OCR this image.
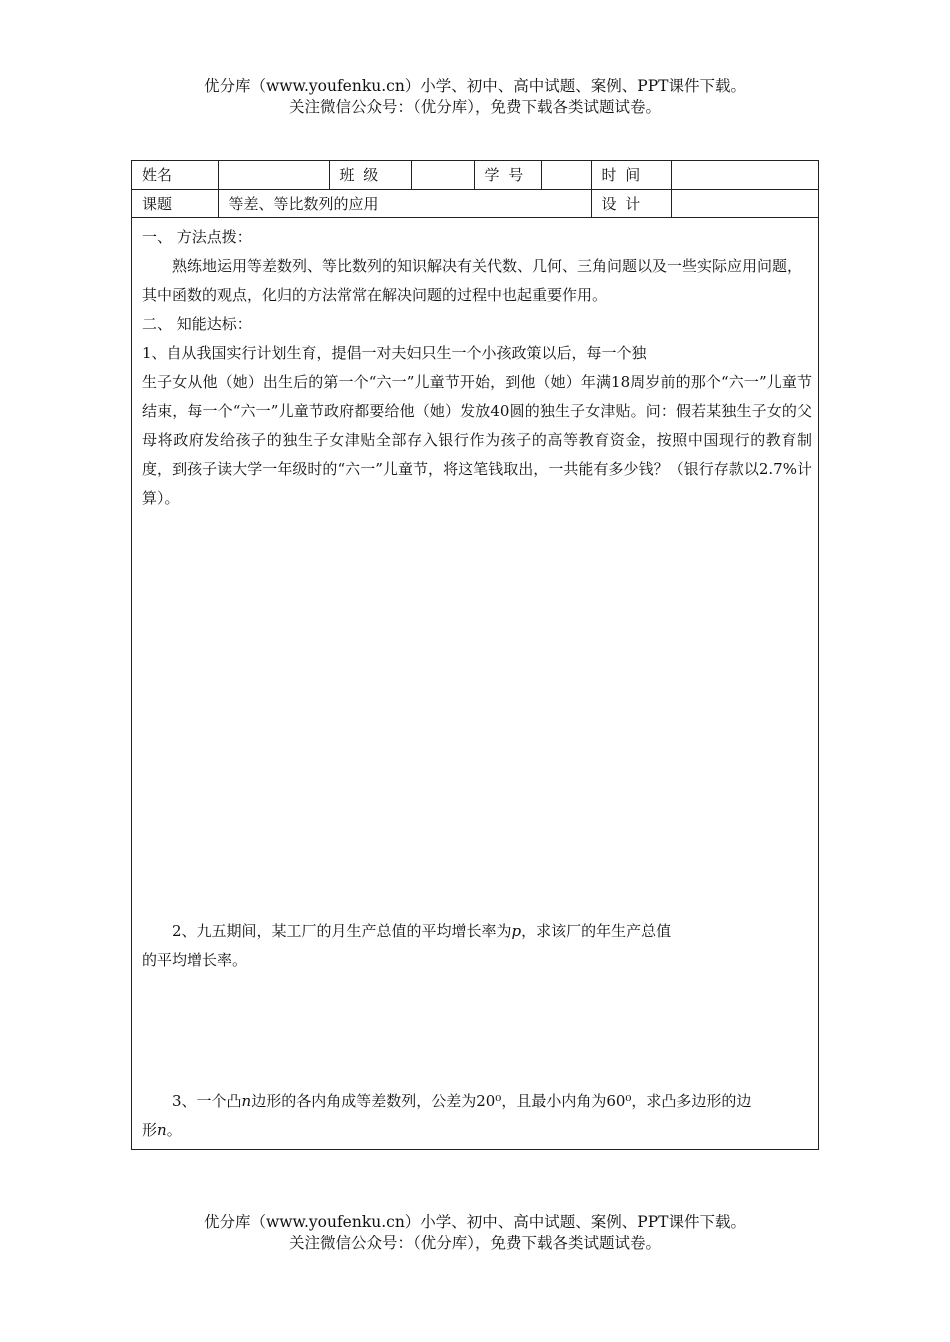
优分库（www.youfenku.cn）小学、初中、高中试题、案例、PPT课件下载。
关注微信公众号：（优分库），免费下载各类试题试卷。
姓名		班 级		学 号		时 间	
课题	等差、等比数列的应用					设 计	

一、 方法点拨：

熟练地运用等差数列、等比数列的知识解决有关代数、几何、三角问题以及一些实际应用问题，其中函数的观点，化归的方法常常在解决问题的过程中也起重要作用。

二、 知能达标：

1、自从我国实行计划生育，提倡一对夫妇只生一个小孩政策以后，每一个独

生子女从他（她）出生后的第一个“六一”儿童节开始，到他（她）年满18周岁前的那个“六一”儿童节结束，每一个“六一”儿童节政府都要给他（她）发放40圆的独生子女津贴。问：假若某独生子女的父母将政府发给孩子的独生子女津贴全部存入银行作为孩子的高等教育资金，按照中国现行的教育制度，到孩子读大学一年级时的“六一”儿童节，将这笔钱取出，一共能有多少钱？（银行存款以2.7%计算）。

2、九五期间，某工厂的月生产总值的平均增长率为p，求该厂的年生产总值

的平均增长率。

3、一个凸n边形的各内角成等差数列，公差为20⁰，且最小内角为60⁰，求凸多边形的边

形n。

优分库（www.youfenku.cn）小学、初中、高中试题、案例、PPT课件下载。
关注微信公众号：（优分库），免费下载各类试题试卷。
